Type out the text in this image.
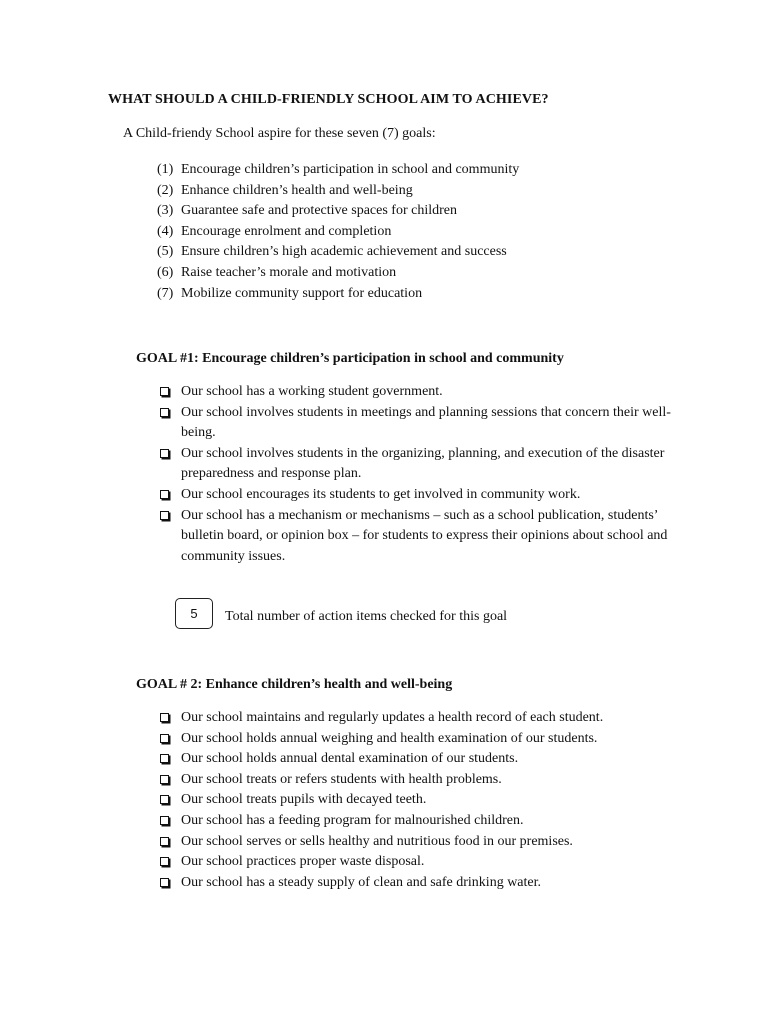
WHAT SHOULD A CHILD-FRIENDLY SCHOOL AIM TO ACHIEVE?
A Child-friendy School aspire for these seven (7) goals:
(1) Encourage children’s participation in school and community
(2) Enhance children’s health and well-being
(3) Guarantee safe and protective spaces for children
(4) Encourage enrolment and completion
(5) Ensure children’s high academic achievement and success
(6) Raise teacher’s morale and motivation
(7) Mobilize community support for education
GOAL #1: Encourage children’s participation in school and community
Our school has a working student government.
Our school involves students in meetings and planning sessions that concern their well-being.
Our school involves students in the organizing, planning, and execution of the disaster preparedness and response plan.
Our school encourages its students to get involved in community work.
Our school has a mechanism or mechanisms – such as a school publication, students’ bulletin board, or opinion box – for students to express their opinions about school and community issues.
5	Total number of action items checked for this goal
GOAL # 2: Enhance children’s health and well-being
Our school maintains and regularly updates a health record of each student.
Our school holds annual weighing and health examination of our students.
Our school holds annual dental examination of our students.
Our school treats or refers students with health problems.
Our school treats pupils with decayed teeth.
Our school has a feeding program for malnourished children.
Our school serves or sells healthy and nutritious food in our premises.
Our school practices proper waste disposal.
Our school has a steady supply of clean and safe drinking water.
